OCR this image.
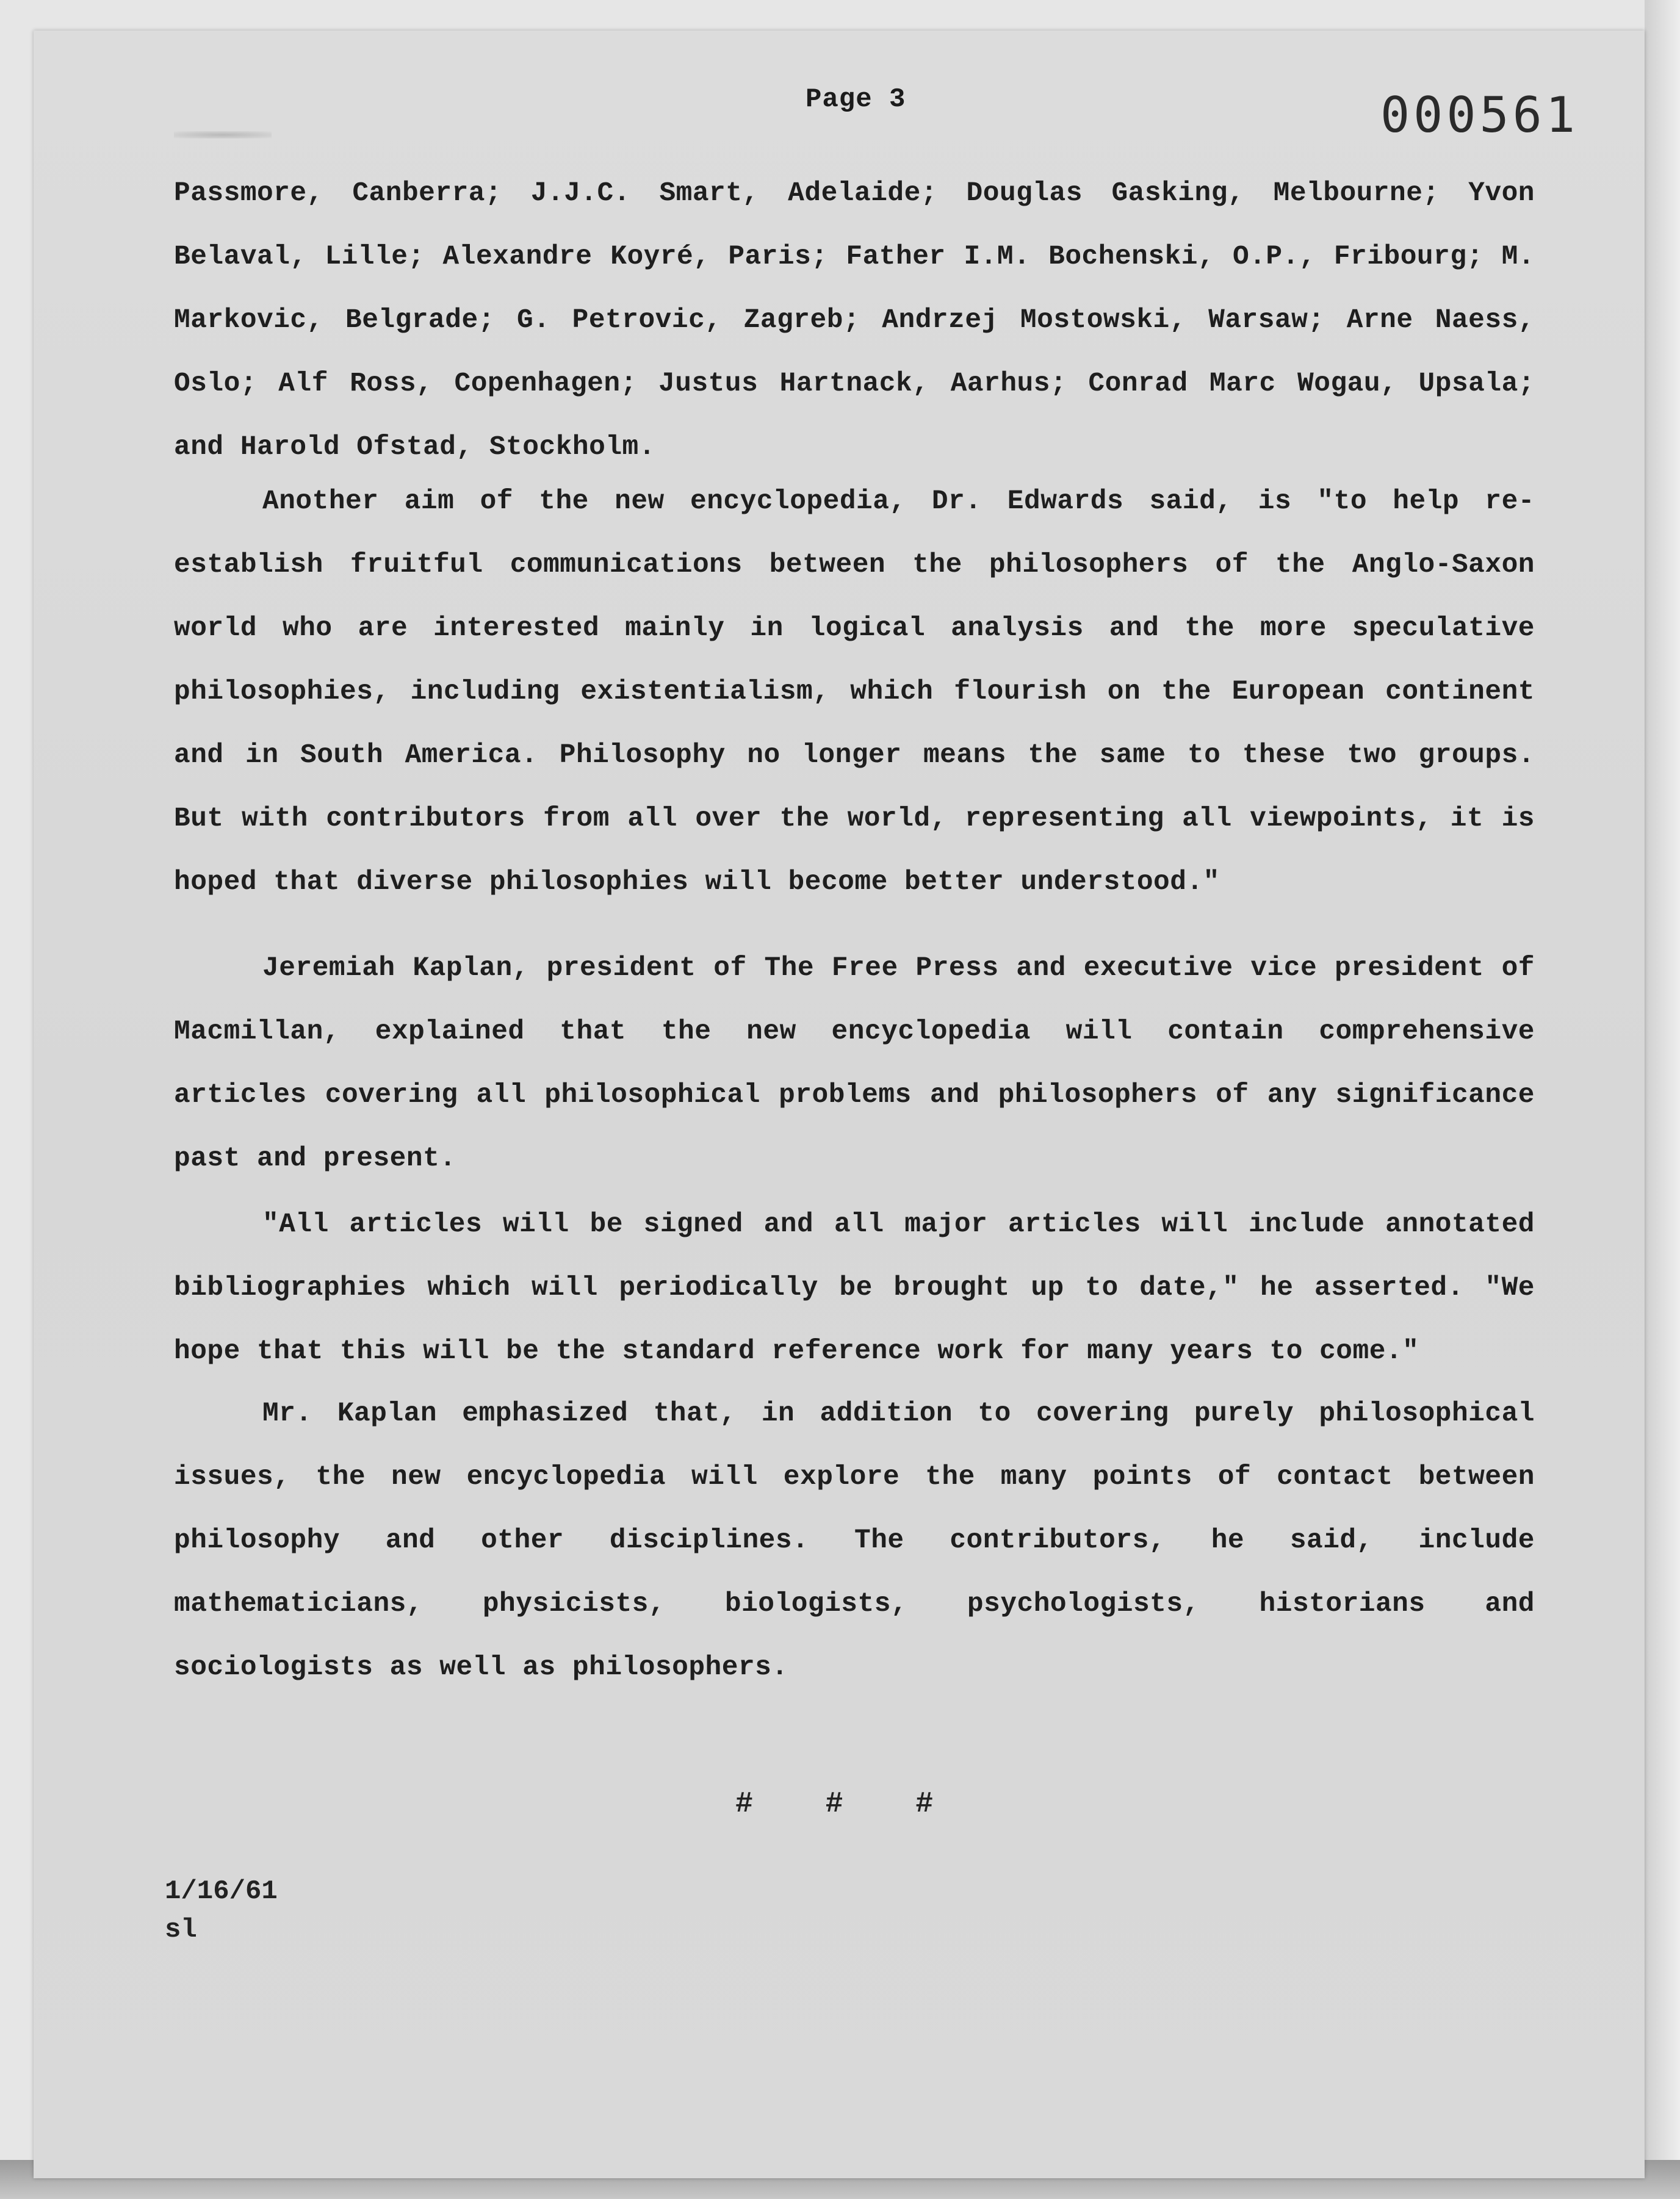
Page 3	000561

Passmore, Canberra; J.J.C. Smart, Adelaide; Douglas Gasking, Melbourne; Yvon Belaval, Lille; Alexandre Koyré, Paris; Father I.M. Bochenski, O.P., Fribourg; M. Markovic, Belgrade; G. Petrovic, Zagreb; Andrzej Mostowski, Warsaw; Arne Naess, Oslo; Alf Ross, Copenhagen; Justus Hartnack, Aarhus; Conrad Marc Wogau, Upsala; and Harold Ofstad, Stockholm.

Another aim of the new encyclopedia, Dr. Edwards said, is "to help re-establish fruitful communications between the philosophers of the Anglo-Saxon world who are interested mainly in logical analysis and the more speculative philosophies, including existentialism, which flourish on the European continent and in South America. Philosophy no longer means the same to these two groups. But with contributors from all over the world, representing all viewpoints, it is hoped that diverse philosophies will become better understood."

Jeremiah Kaplan, president of The Free Press and executive vice president of Macmillan, explained that the new encyclopedia will contain comprehensive articles covering all philosophical problems and philosophers of any significance past and present.

"All articles will be signed and all major articles will include annotated bibliographies which will periodically be brought up to date," he asserted. "We hope that this will be the standard reference work for many years to come."

Mr. Kaplan emphasized that, in addition to covering purely philosophical issues, the new encyclopedia will explore the many points of contact between philosophy and other disciplines. The contributors, he said, include mathematicians, physicists, biologists, psychologists, historians and sociologists as well as philosophers.

# # #
1/16/61
sl
